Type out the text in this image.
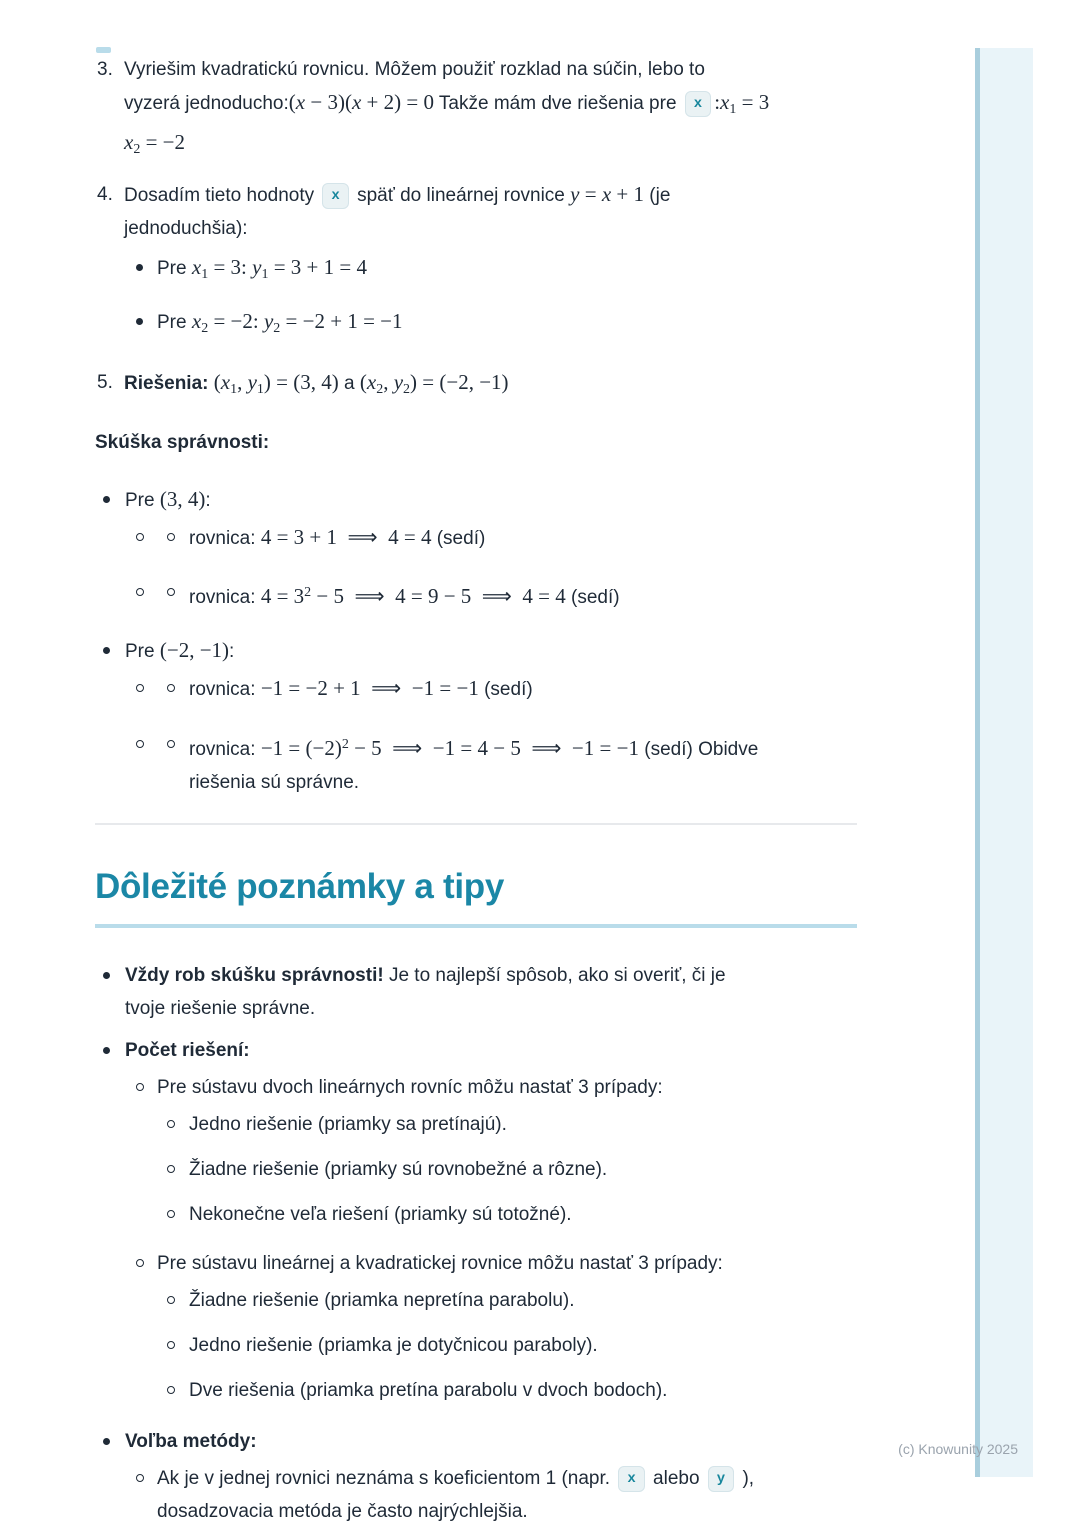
3. Vyriešim kvadratickú rovnicu. Môžem použiť rozklad na súčin, lebo to
vyzerá jednoducho:(x − 3)(x + 2) = 0 Takže mám dve riešenia pre x $:x_1 = 3$
$x_2 = -2$
4. Dosadím tieto hodnoty x späť do lineárnej rovnice y = x + 1 (je
jednoduchšia):
Pre $x_1 = 3$: $y_1 = 3 + 1 = 4$
Pre $x_2 = -2$: $y_2 = -2 + 1 = -1$
5. Riešenia: ($x_1$, $y_1) = (3$, 4) a ($x_2$, $y_2) = (-2$, −1)
Skúška správnosti:
Pre (3, 4):
rovnica: 4 = 3 + 1 ⟹ 4 = 4 (sedí)
rovnica: $4 = 3^2 - 5$ ⟹ 4 = 9 − 5 ⟹ 4 = 4 (sedí)
Pre (−2, −1):
rovnica: −1 = −2 + 1 ⟹ −1 = −1 (sedí)
rovnica: $-1 = (-2)^2 - 5$ ⟹ −1 = 4 − 5 ⟹ −1 = −1 (sedí) Obidve
riešenia sú správne.
Dôležité poznámky a tipy
Vždy rob skúšku správnosti! Je to najlepší spôsob, ako si overiť, či je
tvoje riešenie správne.
Počet riešení:
Pre sústavu dvoch lineárnych rovníc môžu nastať 3 prípady:
Jedno riešenie (priamky sa pretínajú).
Žiadne riešenie (priamky sú rovnobežné a rôzne).
Nekonečne veľa riešení (priamky sú totožné).
Pre sústavu lineárnej a kvadratickej rovnice môžu nastať 3 prípady:
Žiadne riešenie (priamka nepretína parabolu).
Jedno riešenie (priamka je dotyčnicou paraboly).
Dve riešenia (priamka pretína parabolu v dvoch bodoch).
Voľba metódy:
Ak je v jednej rovnici neznáma s koeficientom 1 (napr. x alebo y ),
dosadzovacia metóda je často najrýchlejšia.
(c) Knowunity 2025
